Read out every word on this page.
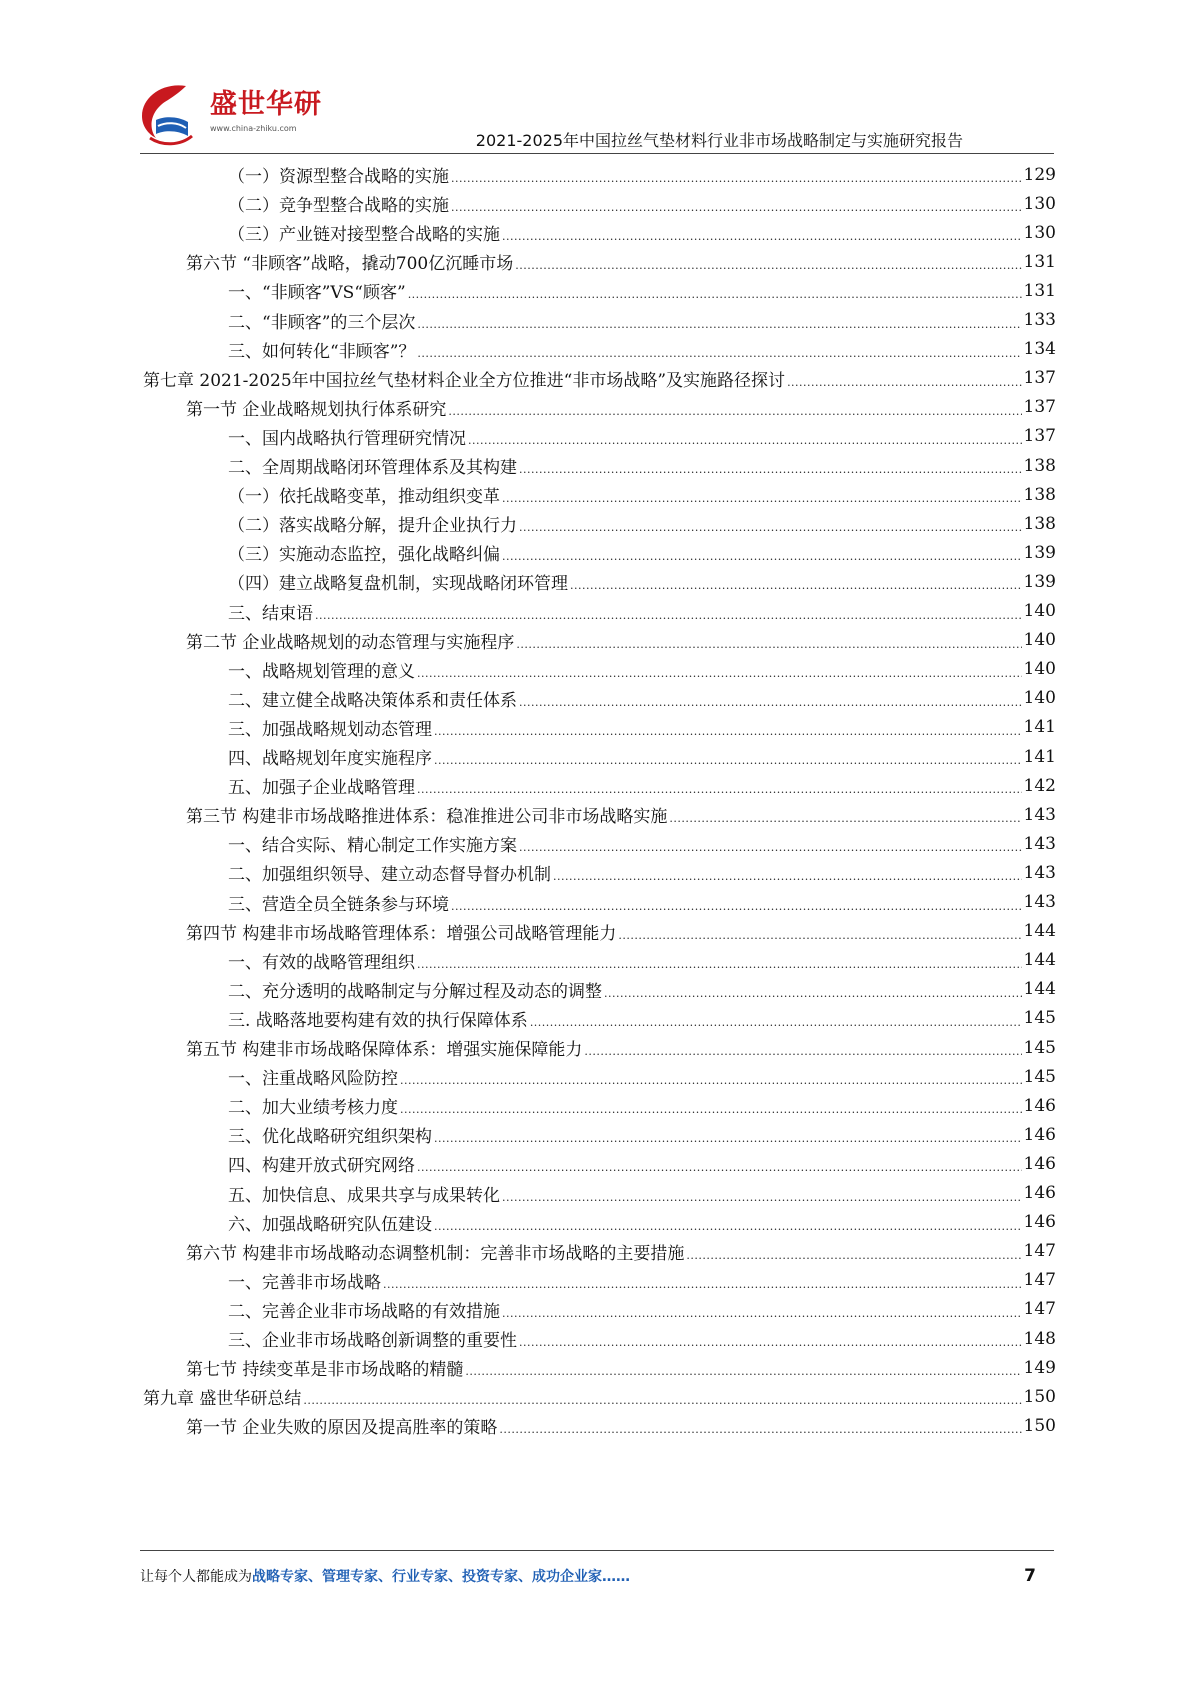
盛世华研
www.china-zhiku.com
2021-2025年中国拉丝气垫材料行业非市场战略制定与实施研究报告
（一）资源型整合战略的实施 .....	129
（二）竞争型整合战略的实施 .....	130
（三）产业链对接型整合战略的实施 .....	130
第六节 “非顾客”战略，撬动700亿沉睡市场 .....	131
一、“非顾客”VS“顾客” .....	131
二、“非顾客”的三个层次 .....	133
三、如何转化“非顾客”？ .....	134
第七章 2021-2025年中国拉丝气垫材料企业全方位推进“非市场战略”及实施路径探讨 .....	137
第一节 企业战略规划执行体系研究 .....	137
一、国内战略执行管理研究情况 .....	137
二、全周期战略闭环管理体系及其构建 .....	138
（一）依托战略变革，推动组织变革 .....	138
（二）落实战略分解，提升企业执行力 .....	138
（三）实施动态监控，强化战略纠偏 .....	139
（四）建立战略复盘机制，实现战略闭环管理 .....	139
三、结束语 .....	140
第二节 企业战略规划的动态管理与实施程序 .....	140
一、战略规划管理的意义 .....	140
二、建立健全战略决策体系和责任体系 .....	140
三、加强战略规划动态管理 .....	141
四、战略规划年度实施程序 .....	141
五、加强子企业战略管理 .....	142
第三节 构建非市场战略推进体系：稳准推进公司非市场战略实施 .....	143
一、结合实际、精心制定工作实施方案 .....	143
二、加强组织领导、建立动态督导督办机制 .....	143
三、营造全员全链条参与环境 .....	143
第四节 构建非市场战略管理体系：增强公司战略管理能力 .....	144
一、有效的战略管理组织 .....	144
二、充分透明的战略制定与分解过程及动态的调整 .....	144
三. 战略落地要构建有效的执行保障体系 .....	145
第五节 构建非市场战略保障体系：增强实施保障能力 .....	145
一、注重战略风险防控 .....	145
二、加大业绩考核力度 .....	146
三、优化战略研究组织架构 .....	146
四、构建开放式研究网络 .....	146
五、加快信息、成果共享与成果转化 .....	146
六、加强战略研究队伍建设 .....	146
第六节 构建非市场战略动态调整机制：完善非市场战略的主要措施 .....	147
一、完善非市场战略 .....	147
二、完善企业非市场战略的有效措施 .....	147
三、企业非市场战略创新调整的重要性 .....	148
第七节 持续变革是非市场战略的精髓 .....	149
第九章 盛世华研总结 .....	150
第一节 企业失败的原因及提高胜率的策略 .....	150
让每个人都能成为战略专家、管理专家、行业专家、投资专家、成功企业家……	7
